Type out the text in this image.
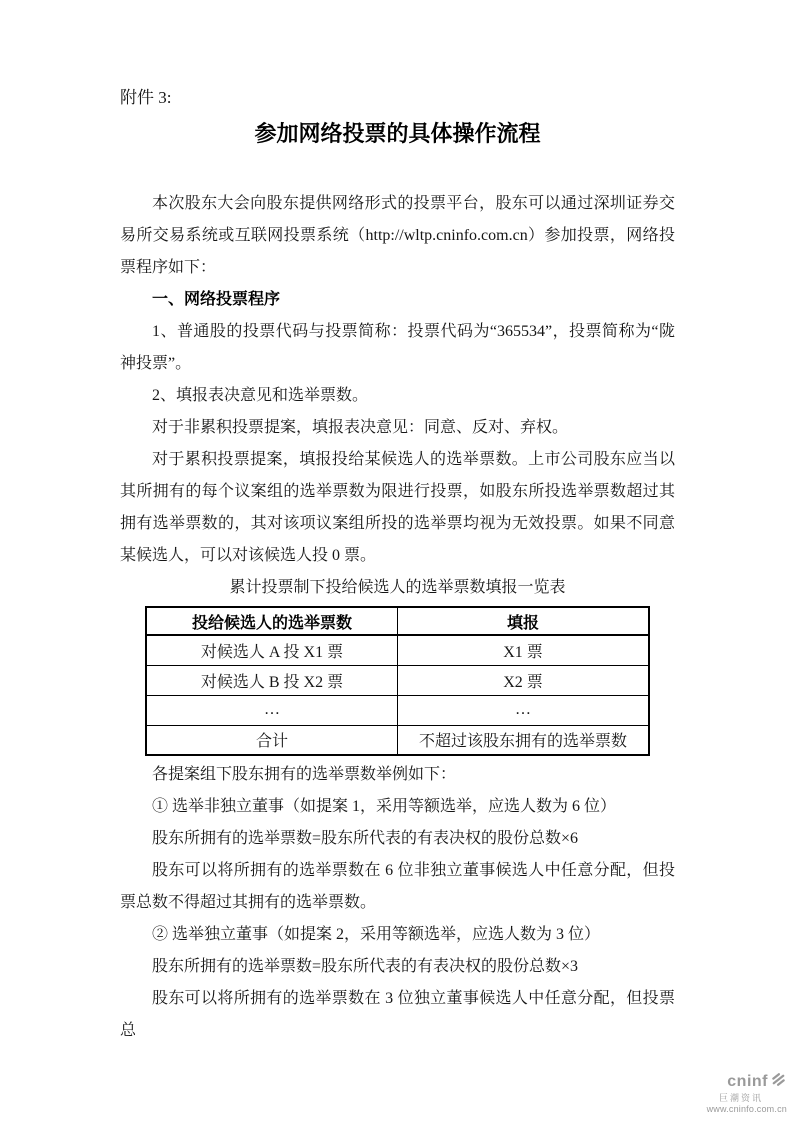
附件 3:
参加网络投票的具体操作流程

本次股东大会向股东提供网络形式的投票平台，股东可以通过深圳证券交易所交易系统或互联网投票系统（http://wltp.cninfo.com.cn）参加投票，网络投票程序如下：

一、网络投票程序

1、普通股的投票代码与投票简称：投票代码为“365534”，投票简称为“陇神投票”。

2、填报表决意见和选举票数。

对于非累积投票提案，填报表决意见：同意、反对、弃权。

对于累积投票提案，填报投给某候选人的选举票数。上市公司股东应当以其所拥有的每个议案组的选举票数为限进行投票，如股东所投选举票数超过其拥有选举票数的，其对该项议案组所投的选举票均视为无效投票。如果不同意某候选人，可以对该候选人投 0 票。

累计投票制下投给候选人的选举票数填报一览表
投给候选人的选举票数	填报
对候选人 A 投 X1 票	X1 票
对候选人 B 投 X2 票	X2 票
…	…
合计	不超过该股东拥有的选举票数

各提案组下股东拥有的选举票数举例如下：

① 选举非独立董事（如提案 1，采用等额选举，应选人数为 6 位）

股东所拥有的选举票数=股东所代表的有表决权的股份总数×6

股东可以将所拥有的选举票数在 6 位非独立董事候选人中任意分配，但投票总数不得超过其拥有的选举票数。

② 选举独立董事（如提案 2，采用等额选举，应选人数为 3 位）

股东所拥有的选举票数=股东所代表的有表决权的股份总数×3

股东可以将所拥有的选举票数在 3 位独立董事候选人中任意分配，但投票总

cninf
巨潮资讯
www.cninfo.com.cn
